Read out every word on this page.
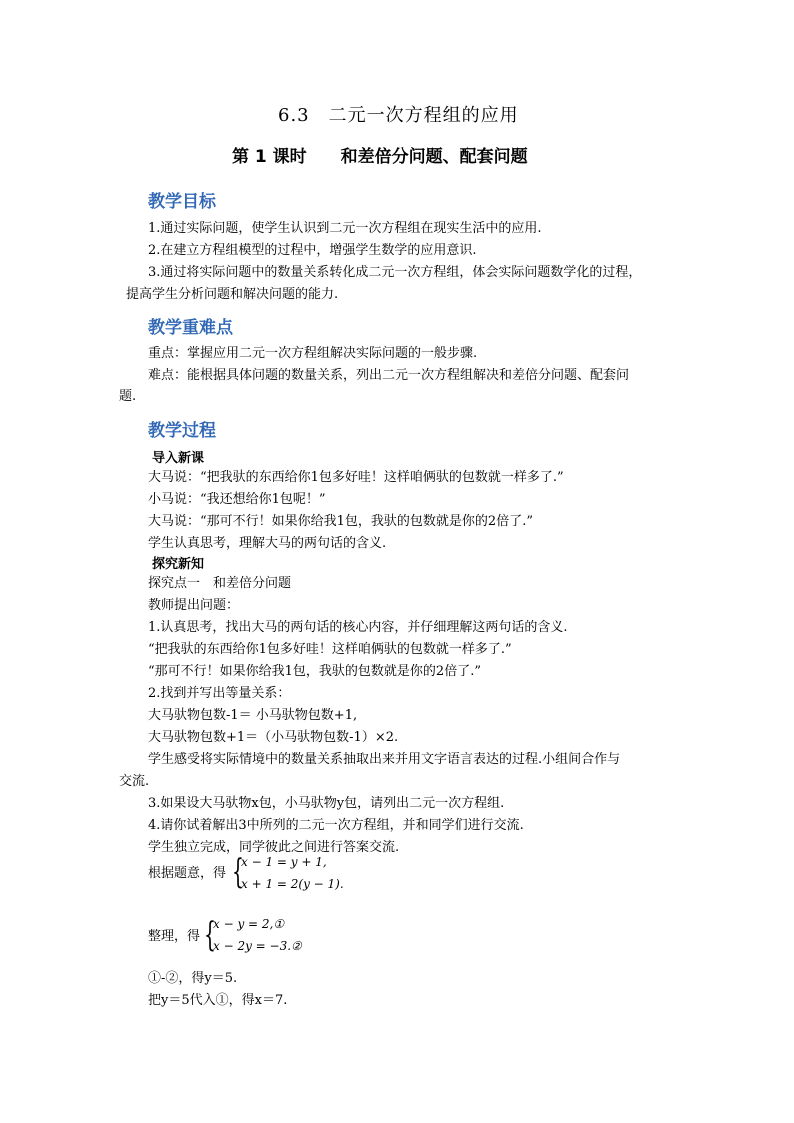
6.3　二元一次方程组的应用
第 1 课时　　和差倍分问题、配套问题
教学目标
1.通过实际问题，使学生认识到二元一次方程组在现实生活中的应用.
2.在建立方程组模型的过程中，增强学生数学的应用意识.
3.通过将实际问题中的数量关系转化成二元一次方程组，体会实际问题数学化的过程，
提高学生分析问题和解决问题的能力.
教学重难点
重点：掌握应用二元一次方程组解决实际问题的一般步骤.
难点：能根据具体问题的数量关系，列出二元一次方程组解决和差倍分问题、配套问
题.
教学过程
导入新课
大马说：“把我驮的东西给你1包多好哇！这样咱俩驮的包数就一样多了.”
小马说：“我还想给你1包呢！”
大马说：“那可不行！如果你给我1包，我驮的包数就是你的2倍了.”
学生认真思考，理解大马的两句话的含义.
探究新知
探究点一　和差倍分问题
教师提出问题：
1.认真思考，找出大马的两句话的核心内容，并仔细理解这两句话的含义.
“把我驮的东西给你1包多好哇！这样咱俩驮的包数就一样多了.”
“那可不行！如果你给我1包，我驮的包数就是你的2倍了.”
2.找到并写出等量关系：
大马驮物包数-1＝ 小马驮物包数+1,
大马驮物包数+1＝（小马驮物包数-1）×2.
学生感受将实际情境中的数量关系抽取出来并用文字语言表达的过程.小组间合作与
交流.
3.如果设大马驮物x包，小马驮物y包，请列出二元一次方程组.
4.请你试着解出3中所列的二元一次方程组，并和同学们进行交流.
学生独立完成，同学彼此之间进行答案交流.
根据题意，得 {
x − 1 = y + 1,
x + 1 = 2(y − 1).
整理，得 {
x − y = 2,①
x − 2y = −3.②
①-②，得y＝5.
把y＝5代入①，得x＝7.
